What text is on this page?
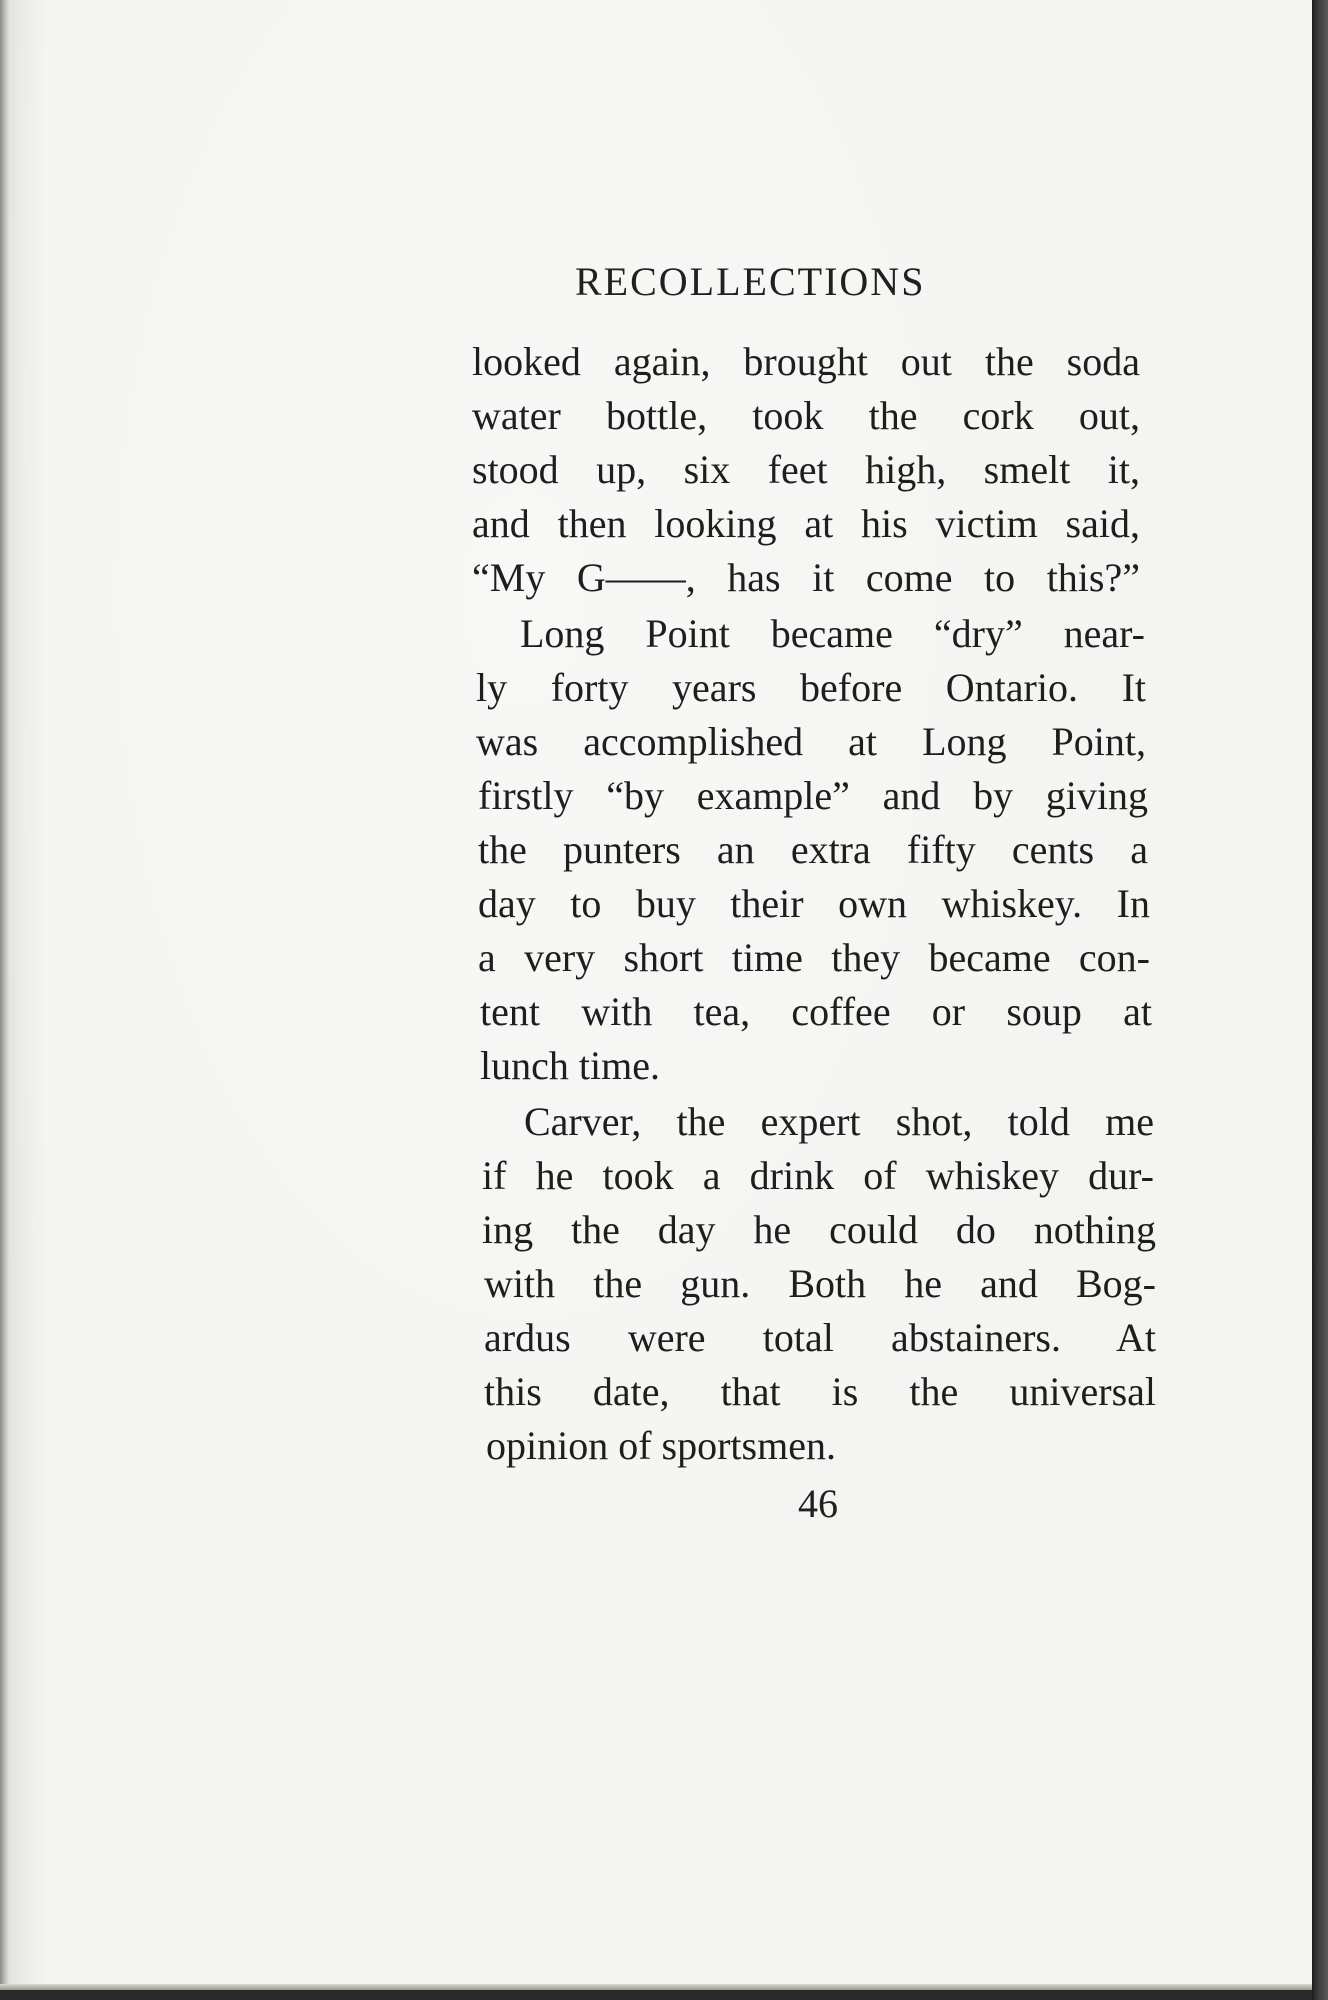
RECOLLECTIONS

looked again, brought out the soda

water bottle, took the cork out,

stood up, six feet high, smelt it,

and then looking at his victim said,

“My G——, has it come to this?”

Long Point became “dry” near-

ly forty years before Ontario. It

was accomplished at Long Point,

firstly “by example” and by giving

the punters an extra fifty cents a

day to buy their own whiskey. In

a very short time they became con-

tent with tea, coffee or soup at

lunch time.

Carver, the expert shot, told me

if he took a drink of whiskey dur-

ing the day he could do nothing

with the gun. Both he and Bog-

ardus were total abstainers. At

this date, that is the universal

opinion of sportsmen.

46
